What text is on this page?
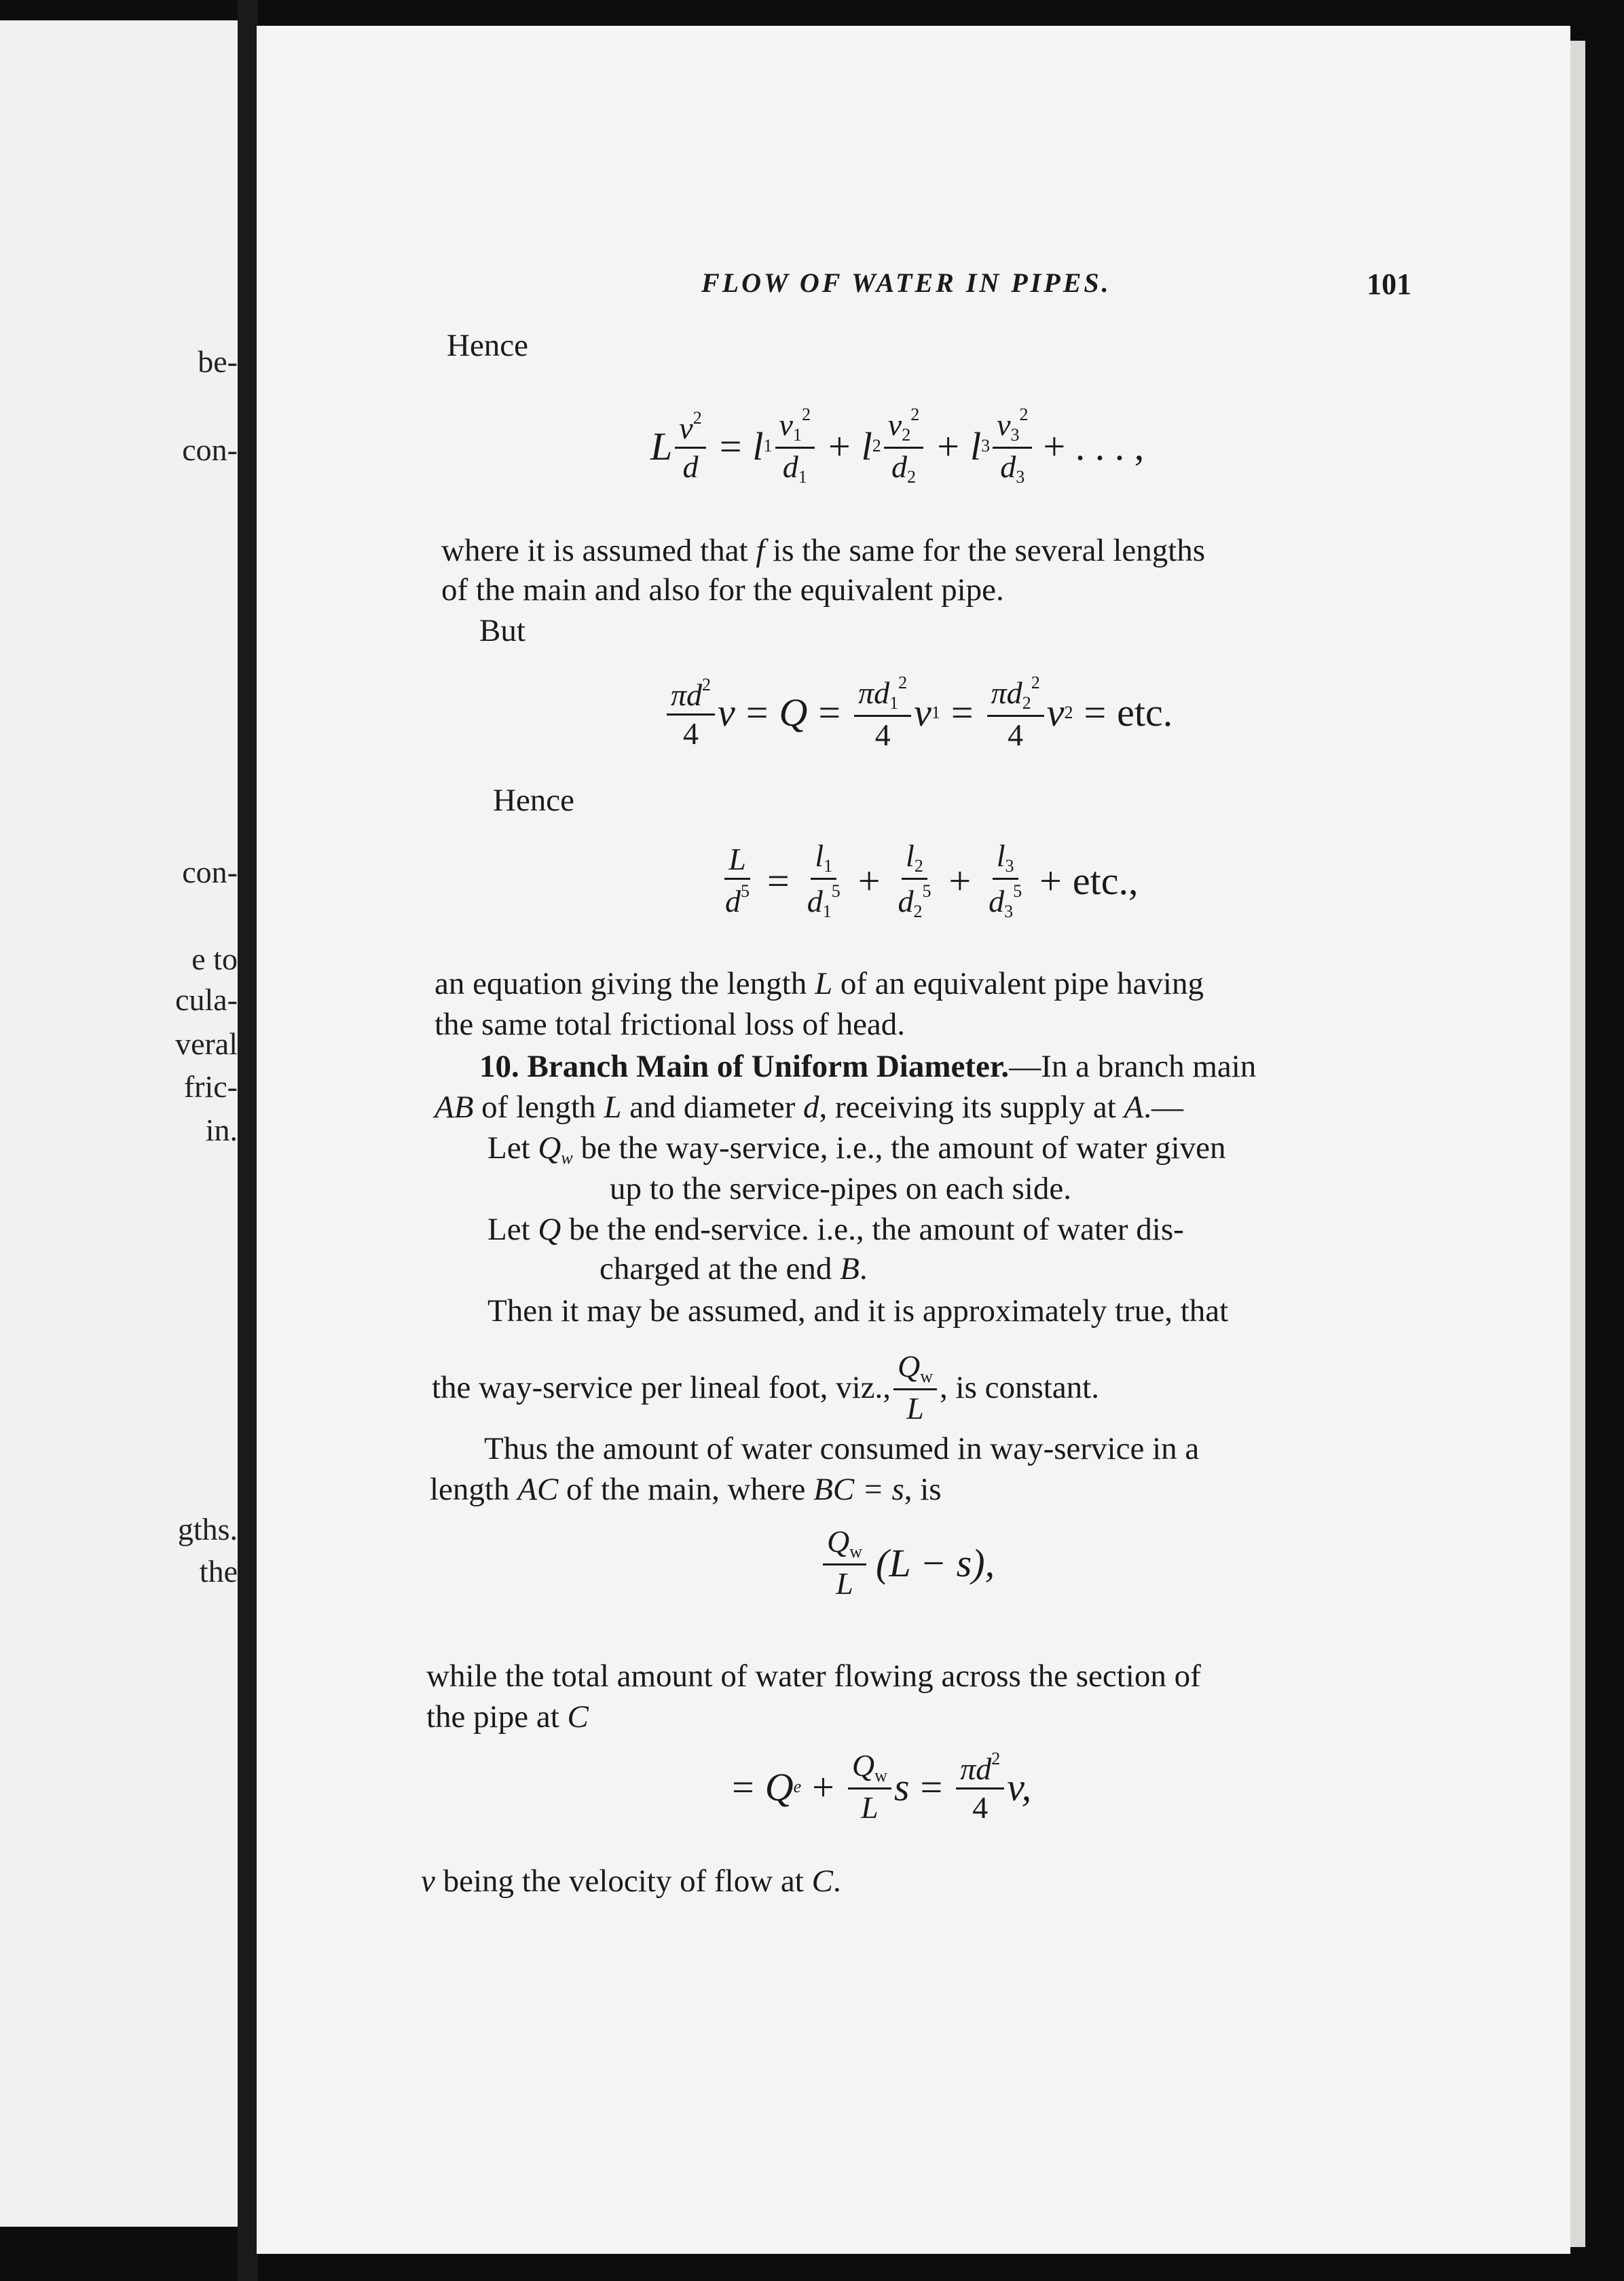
be-
con-
con-
e to
cula-
veral
fric-
in.
gths.
the
FLOW OF WATER IN PIPES.	101
Hence
L $\frac{v^2}{d} = l$ $1 \frac{v_1^2}{d_1} + l$ $2 \frac{v_2^2}{d_2} + l$ $3 \frac{v_3^2}{d_3}$ + . . . ,
where it is assumed that f is the same for the several lengths
of the main and also for the equivalent pipe.
But
$\frac{\pi d^2}{4}$ $v = Q = \frac{\pi d_1^2}{4}$ v $1 = \frac{\pi d_2^2}{4}$ v 2 = etc.
Hence
$\frac{L}{d^5} = \frac{l_1}{d_1^5} + \frac{l_2}{d_2^5} + \frac{l_3}{d_3^5}$ + etc.,
an equation giving the length L of an equivalent pipe having
the same total frictional loss of head.
10. Branch Main of Uniform Diameter.—In a branch main
AB of length L and diameter d, receiving its supply at A.—
Let $Q_w$ be the way-service, i.e., the amount of water given
up to the service-pipes on each side.
Let Q be the end-service. i.e., the amount of water dis-
charged at the end B.
Then it may be assumed, and it is approximately true, that
the way-service per lineal foot, viz., $\frac{Q_w}{L}$ , is constant.
Thus the amount of water consumed in way-service in a
length AC of the main, where BC = s, is
$\frac{Q_w}{L} (L - s)$,
while the total amount of water flowing across the section of
the pipe at C
= Q $e + \frac{Q_w}{L}$ $s = \frac{\pi d^2}{4} v$,
v being the velocity of flow at C.
